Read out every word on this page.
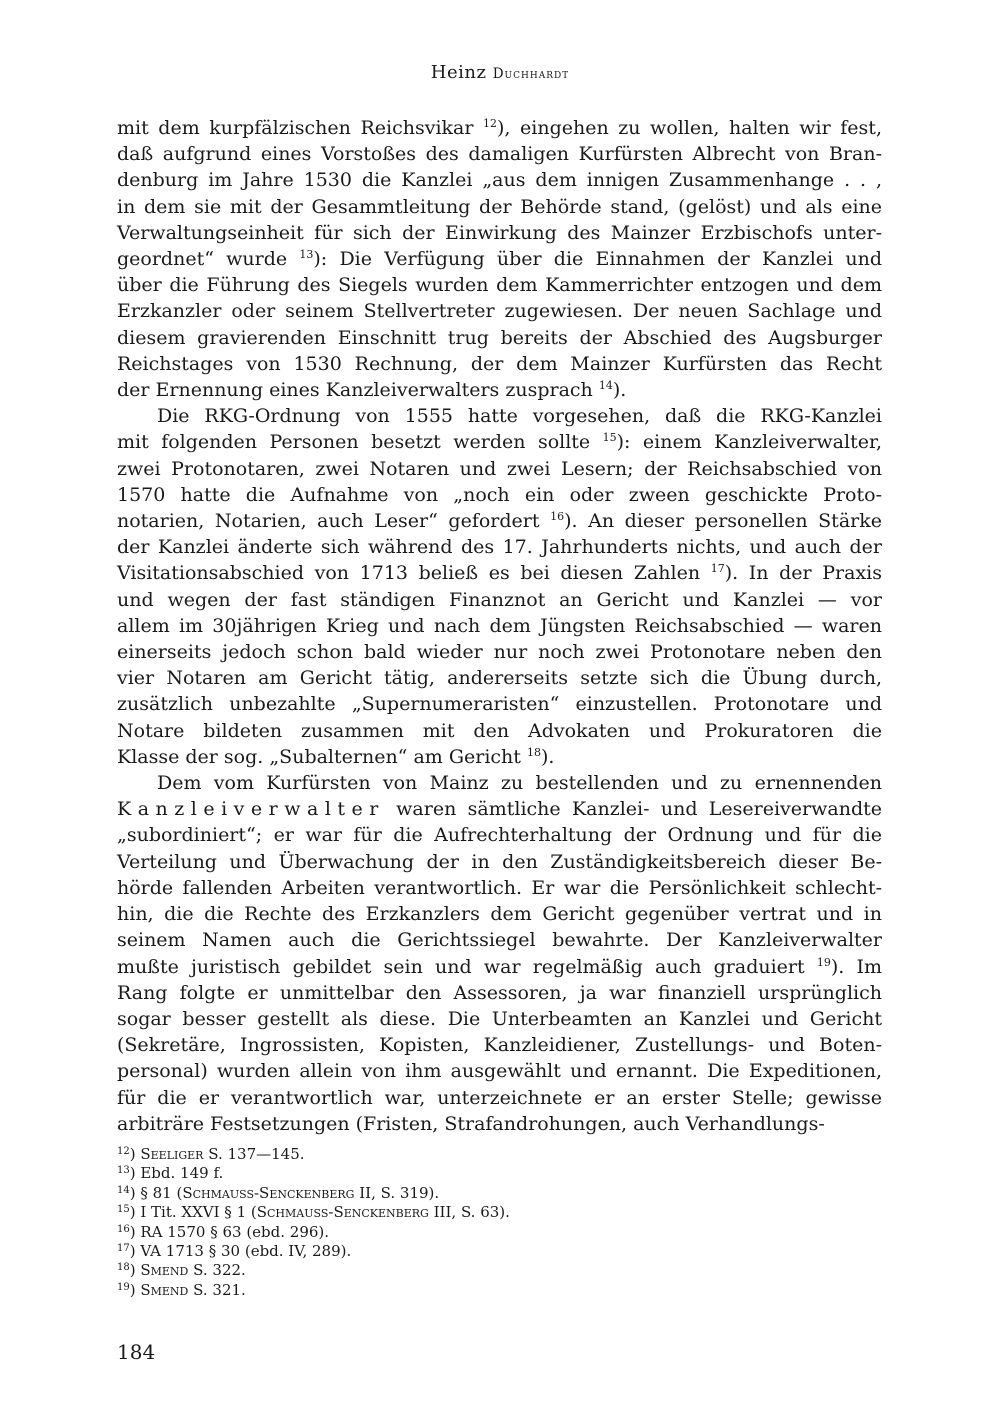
Heinz Duchhardt
mit dem kurpfälzischen Reichsvikar $^{12}$), eingehen zu wollen, halten wir fest,
daß aufgrund eines Vorstoßes des damaligen Kurfürsten Albrecht von Bran-
denburg im Jahre 1530 die Kanzlei „aus dem innigen Zusammenhange . . ,
in dem sie mit der Gesammtleitung der Behörde stand, (gelöst) und als eine
Verwaltungseinheit für sich der Einwirkung des Mainzer Erzbischofs unter-
geordnet“ wurde $^{13}$): Die Verfügung über die Einnahmen der Kanzlei und
über die Führung des Siegels wurden dem Kammerrichter entzogen und dem
Erzkanzler oder seinem Stellvertreter zugewiesen. Der neuen Sachlage und
diesem gravierenden Einschnitt trug bereits der Abschied des Augsburger
Reichstages von 1530 Rechnung, der dem Mainzer Kurfürsten das Recht
der Ernennung eines Kanzleiverwalters zusprach $^{14}$).
Die RKG-Ordnung von 1555 hatte vorgesehen, daß die RKG-Kanzlei
mit folgenden Personen besetzt werden sollte $^{15}$): einem Kanzleiverwalter,
zwei Protonotaren, zwei Notaren und zwei Lesern; der Reichsabschied von
1570 hatte die Aufnahme von „noch ein oder zween geschickte Proto-
notarien, Notarien, auch Leser“ gefordert $^{16}$). An dieser personellen Stärke
der Kanzlei änderte sich während des 17. Jahrhunderts nichts, und auch der
Visitationsabschied von 1713 beließ es bei diesen Zahlen $^{17}$). In der Praxis
und wegen der fast ständigen Finanznot an Gericht und Kanzlei — vor
allem im 30jährigen Krieg und nach dem Jüngsten Reichsabschied — waren
einerseits jedoch schon bald wieder nur noch zwei Protonotare neben den
vier Notaren am Gericht tätig, andererseits setzte sich die Übung durch,
zusätzlich unbezahlte „Supernumeraristen“ einzustellen. Protonotare und
Notare bildeten zusammen mit den Advokaten und Prokuratoren die
Klasse der sog. „Subalternen“ am Gericht $^{18}$).
Dem vom Kurfürsten von Mainz zu bestellenden und zu ernennenden
Kanzleiverwalter waren sämtliche Kanzlei- und Lesereiverwandte
„subordiniert“; er war für die Aufrechterhaltung der Ordnung und für die
Verteilung und Überwachung der in den Zuständigkeitsbereich dieser Be-
hörde fallenden Arbeiten verantwortlich. Er war die Persönlichkeit schlecht-
hin, die die Rechte des Erzkanzlers dem Gericht gegenüber vertrat und in
seinem Namen auch die Gerichtssiegel bewahrte. Der Kanzleiverwalter
mußte juristisch gebildet sein und war regelmäßig auch graduiert $^{19}$). Im
Rang folgte er unmittelbar den Assessoren, ja war finanziell ursprünglich
sogar besser gestellt als diese. Die Unterbeamten an Kanzlei und Gericht
(Sekretäre, Ingrossisten, Kopisten, Kanzleidiener, Zustellungs- und Boten-
personal) wurden allein von ihm ausgewählt und ernannt. Die Expeditionen,
für die er verantwortlich war, unterzeichnete er an erster Stelle; gewisse
arbiträre Festsetzungen (Fristen, Strafandrohungen, auch Verhandlungs-
$^{12}$) Seeliger S. 137—145.
$^{13}$) Ebd. 149 f.
$^{14}$) § 81 (Schmauss-Senckenberg II, S. 319).
$^{15}$) I Tit. XXVI § 1 (Schmauss-Senckenberg III, S. 63).
$^{16}$) RA 1570 § 63 (ebd. 296).
$^{17}$) VA 1713 § 30 (ebd. IV, 289).
$^{18}$) Smend S. 322.
$^{19}$) Smend S. 321.
184
